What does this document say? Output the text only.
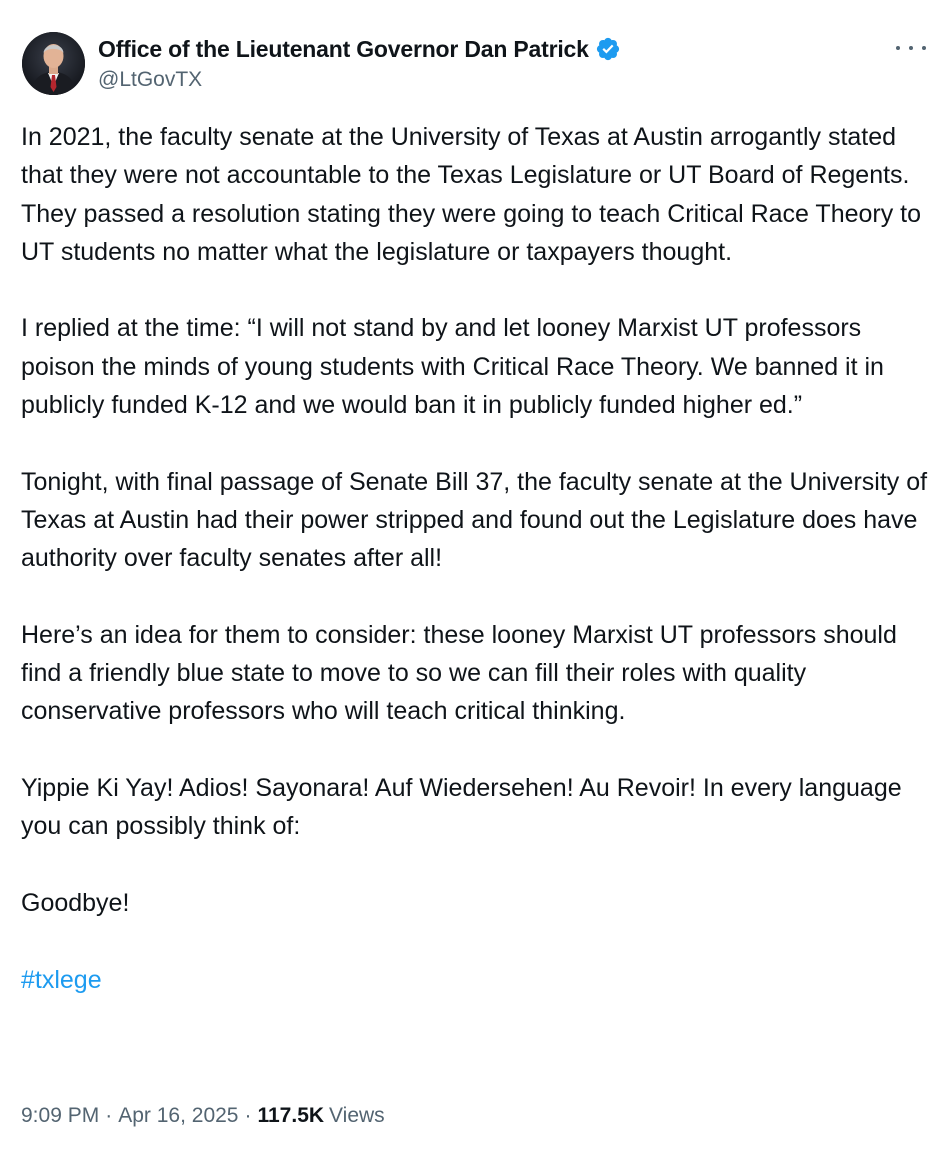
Office of the Lieutenant Governor Dan Patrick
@LtGovTX

In 2021, the faculty senate at the University of Texas at Austin arrogantly stated that they were not accountable to the Texas Legislature or UT Board of Regents. They passed a resolution stating they were going to teach Critical Race Theory to UT students no matter what the legislature or taxpayers thought.

I replied at the time: “I will not stand by and let looney Marxist UT professors poison the minds of young students with Critical Race Theory. We banned it in publicly funded K-12 and we would ban it in publicly funded higher ed.”

Tonight, with final passage of Senate Bill 37, the faculty senate at the University of Texas at Austin had their power stripped and found out the Legislature does have authority over faculty senates after all!

Here’s an idea for them to consider: these looney Marxist UT professors should find a friendly blue state to move to so we can fill their roles with quality conservative professors who will teach critical thinking.

Yippie Ki Yay! Adios! Sayonara! Auf Wiedersehen! Au Revoir! In every language you can possibly think of:

Goodbye!

#txlege

9:09 PM · Apr 16, 2025 · 117.5K Views
